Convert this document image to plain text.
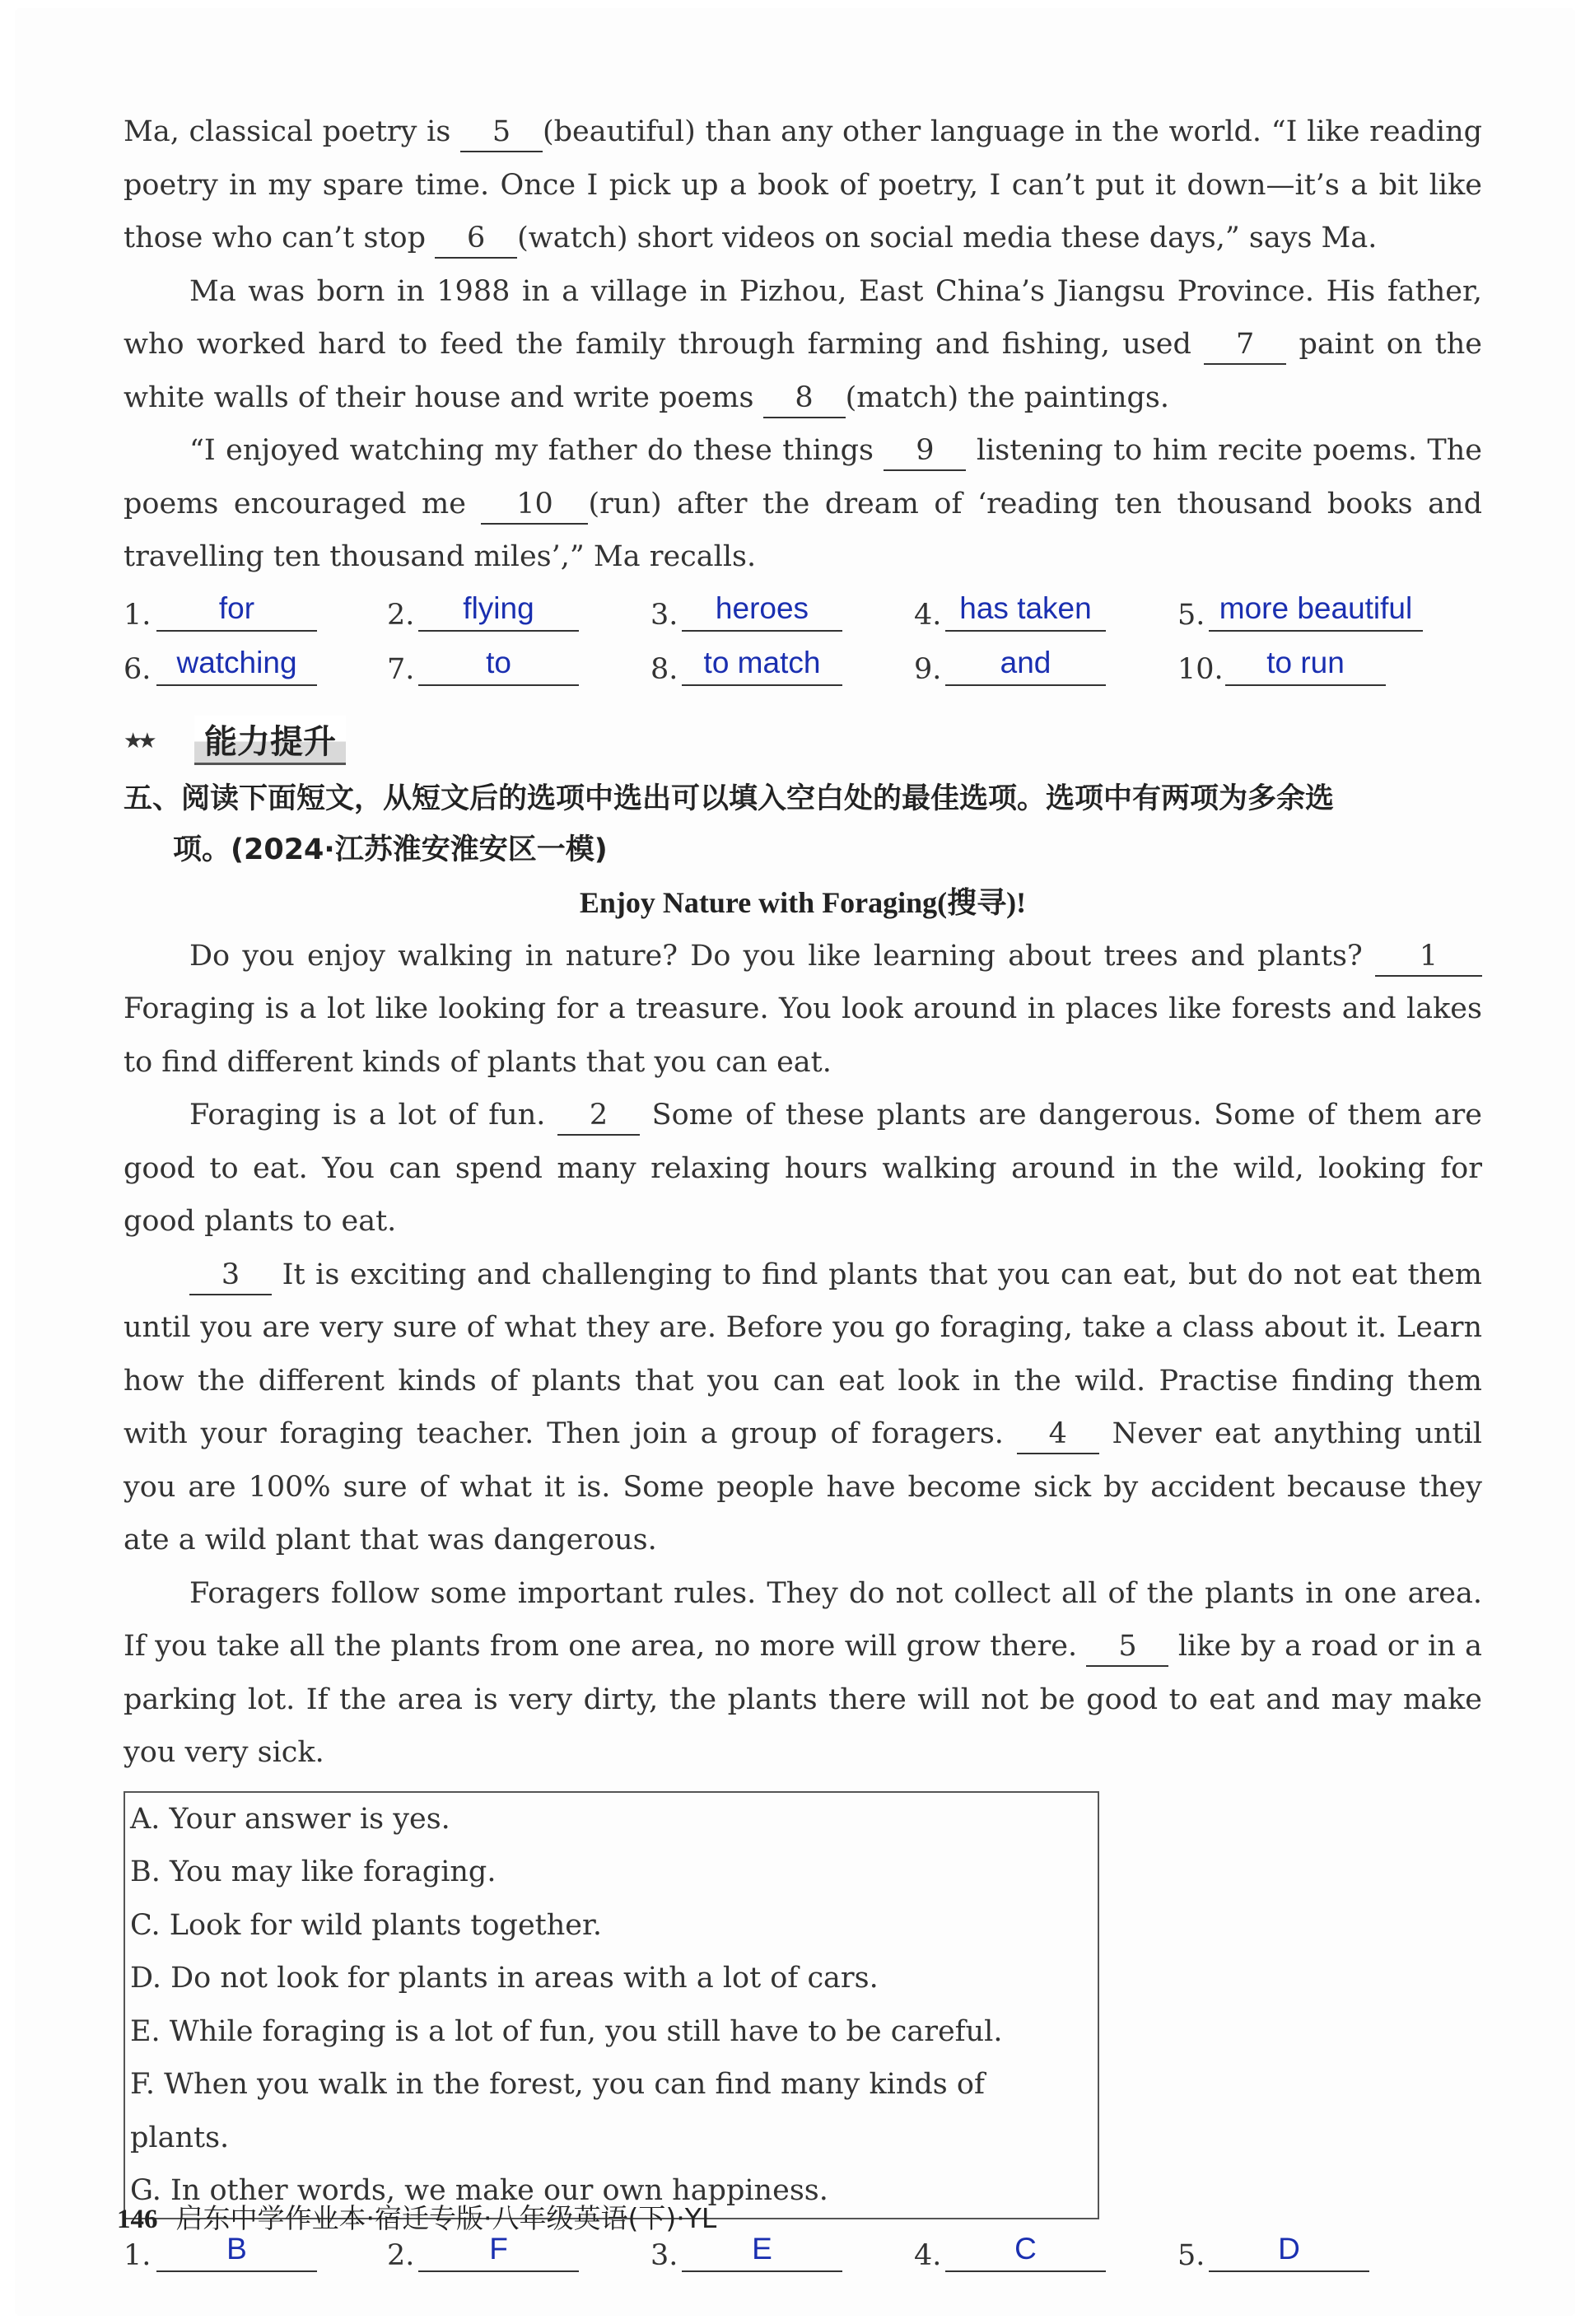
Ma, classical poetry is 5 (beautiful) than any other language in the world. “I like reading poetry in my spare time. Once I pick up a book of poetry, I can’t put it down—it’s a bit like those who can’t stop 6 (watch) short videos on social media these days,” says Ma.

Ma was born in 1988 in a village in Pizhou, East China’s Jiangsu Province. His father, who worked hard to feed the family through farming and fishing, used 7 paint on the white walls of their house and write poems 8 (match) the paintings.

“I enjoyed watching my father do these things 9 listening to him recite poems. The poems encouraged me 10 (run) after the dream of ‘reading ten thousand books and travelling ten thousand miles’,” Ma recalls.

1.	for	2.	flying	3.	heroes	4. has taken	5. more beautiful
6. watching	7.	to	8. to match	9.	and	10.	to run
★★	能力提升

五、阅读下面短文，从短文后的选项中选出可以填入空白处的最佳选项。选项中有两项为多余选
项。(2024·江苏淮安淮安区一模)

Enjoy Nature with Foraging(搜寻)!

Do you enjoy walking in nature? Do you like learning about trees and plants? 1 Foraging is a lot like looking for a treasure. You look around in places like forests and lakes to find different kinds of plants that you can eat.

Foraging is a lot of fun. 2 Some of these plants are dangerous. Some of them are good to eat. You can spend many relaxing hours walking around in the wild, looking for good plants to eat.

3 It is exciting and challenging to find plants that you can eat, but do not eat them until you are very sure of what they are. Before you go foraging, take a class about it. Learn how the different kinds of plants that you can eat look in the wild. Practise finding them with your foraging teacher. Then join a group of foragers. 4 Never eat anything until you are 100% sure of what it is. Some people have become sick by accident because they ate a wild plant that was dangerous.

Foragers follow some important rules. They do not collect all of the plants in one area. If you take all the plants from one area, no more will grow there. 5 like by a road or in a parking lot. If the area is very dirty, the plants there will not be good to eat and may make you very sick.

A. Your answer is yes.
B. You may like foraging.
C. Look for wild plants together.
D. Do not look for plants in areas with a lot of cars.
E. While foraging is a lot of fun, you still have to be careful.
F. When you walk in the forest, you can find many kinds of plants.
G. In other words, we make our own happiness.
1.	B	2.	F	3.	E	4.	C	5.	D
146 启东中学作业本·宿迁专版·八年级英语(下)·YL
